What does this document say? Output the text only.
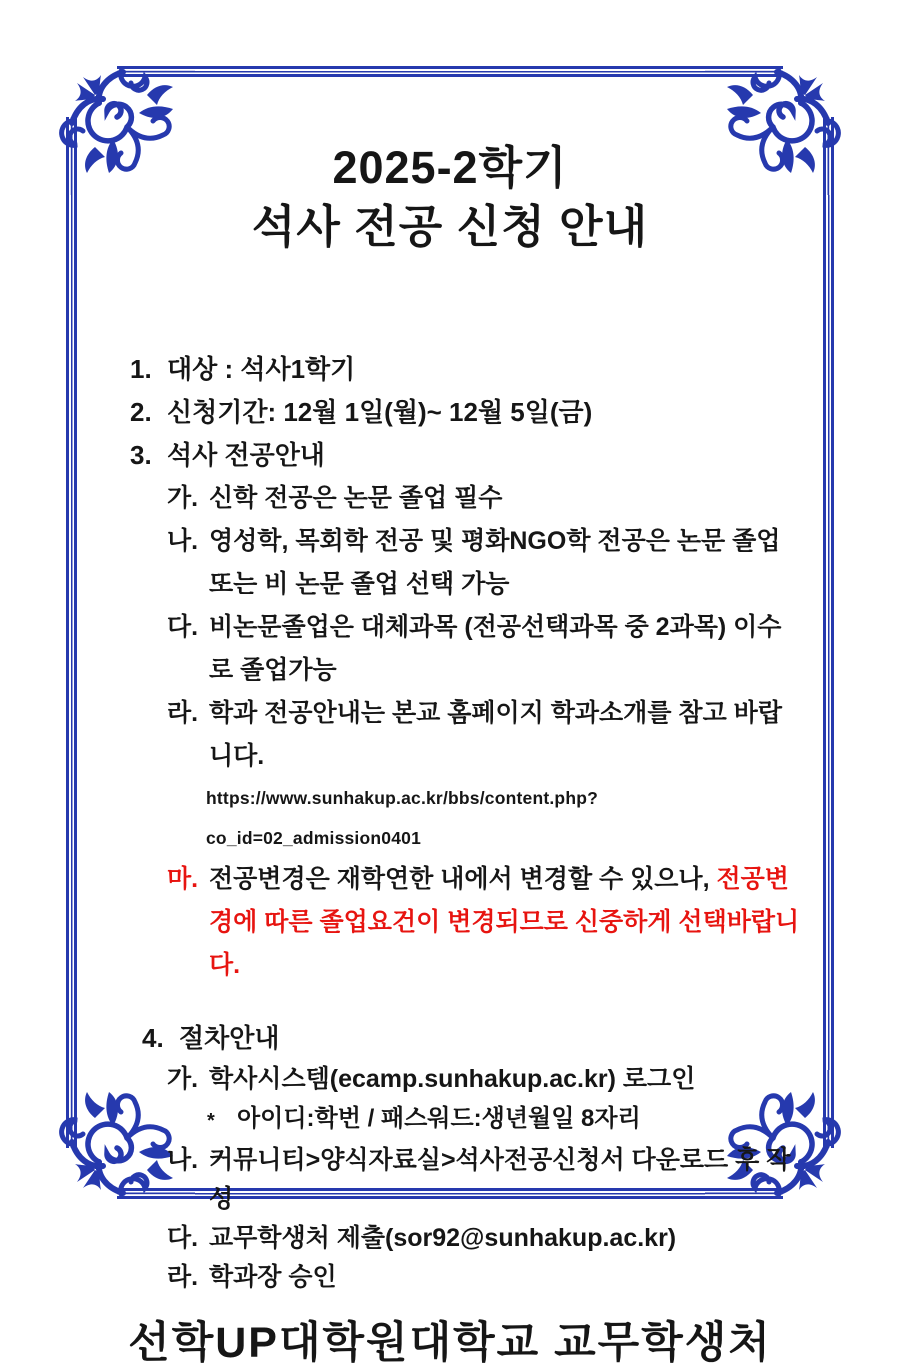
2025-2학기
석사 전공 신청 안내
1. 대상 : 석사1학기
2. 신청기간: 12월 1일(월)~ 12월 5일(금)
3. 석사 전공안내
가. 신학 전공은 논문 졸업 필수
나. 영성학, 목회학 전공 및 평화NGO학 전공은 논문 졸업 또는 비 논문 졸업 선택 가능
다. 비논문졸업은 대체과목 (전공선택과목 중 2과목) 이수로 졸업가능
라. 학과 전공안내는 본교 홈페이지 학과소개를 참고 바랍니다.
https://www.sunhakup.ac.kr/bbs/content.php?co_id=02_admission0401
마. 전공변경은 재학연한 내에서 변경할 수 있으나, 전공변경에 따른 졸업요건이 변경되므로 신중하게 선택바랍니다.
4. 절차안내
가. 학사시스템(ecamp.sunhakup.ac.kr) 로그인
* 아이디:학번 / 패스워드:생년월일 8자리
나. 커뮤니티>양식자료실>석사전공신청서 다운로드 후 작성
다. 교무학생처 제출(sor92@sunhakup.ac.kr)
라. 학과장 승인
선학UP대학원대학교 교무학생처
